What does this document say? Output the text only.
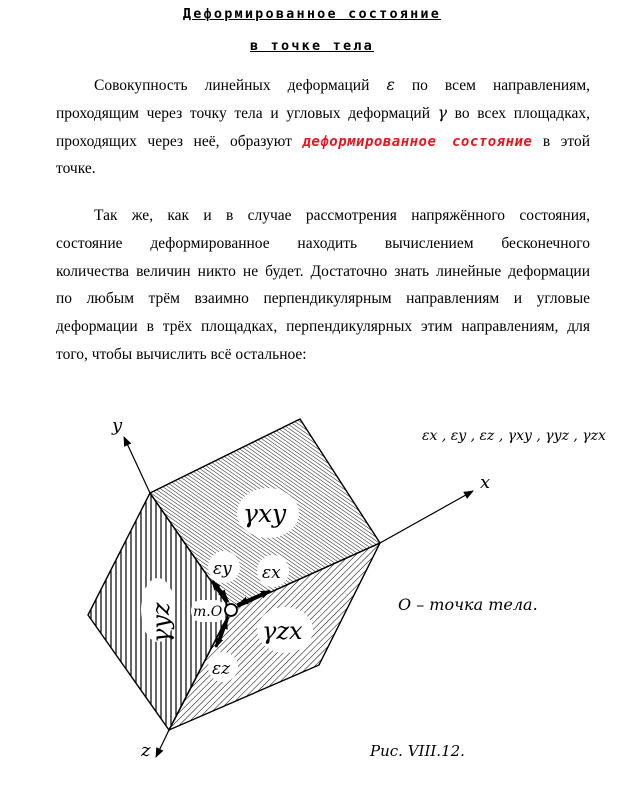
Деформированное состояние
в точке тела
Совокупность линейных деформаций ε по всем направлениям,
проходящим через точку тела и угловых деформаций γ во всех площадках,
проходящих через неё, образуют деформированное состояние в этой
точке.
Так же, как и в случае рассмотрения напряжённого состояния,
состояние деформированное находить вычислением бесконечного
количества величин никто не будет. Достаточно знать линейные деформации
по любым трём взаимно перпендикулярным направлениям и угловые
деформации в трёх площадках, перпендикулярных этим направлениям, для
того, чтобы вычислить всё остальное:
y
x
z
γxy
γyz	γzx
εy εx
εz
m.O
εx , εy , εz , γxy , γyz , γzx
O – точка тела.
Рис. VIII.12.
